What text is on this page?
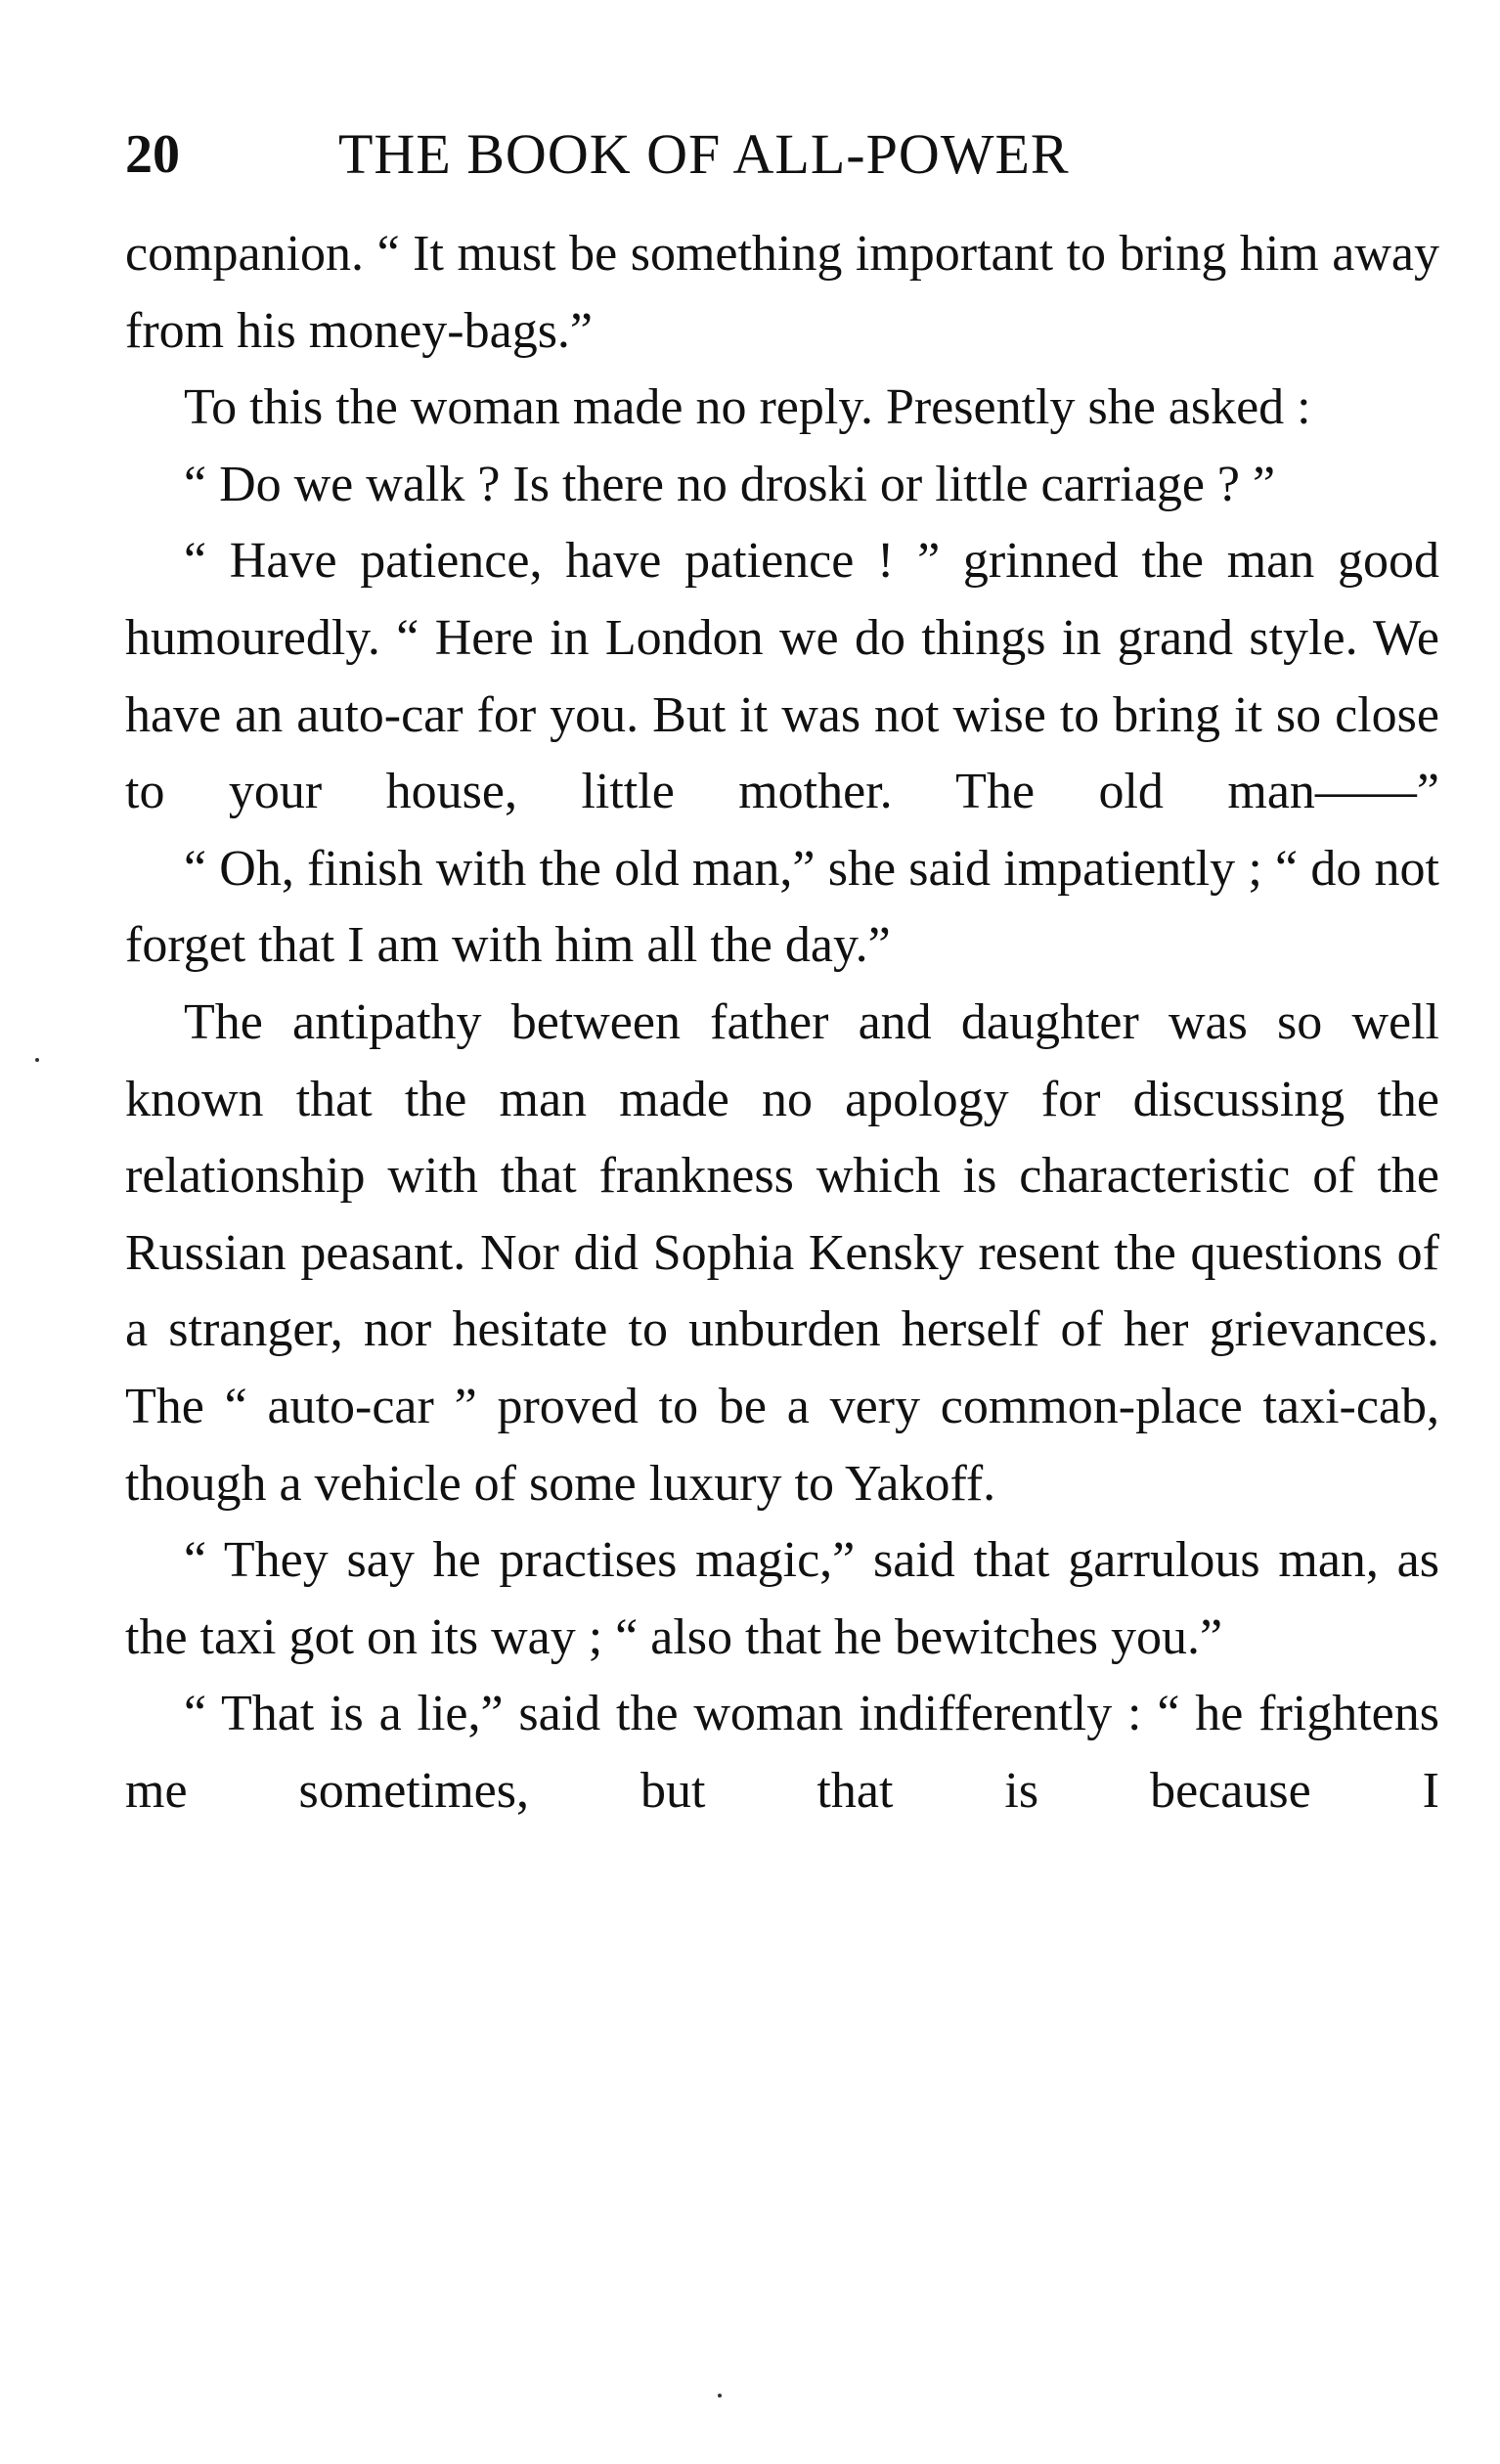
20	THE BOOK OF ALL-POWER

companion. “ It must be something important to bring him away from his money-bags.”

To this the woman made no reply. Presently she asked :

“ Do we walk ? Is there no droski or little carriage ? ”

“ Have patience, have patience ! ” grinned the man good humouredly. “ Here in London we do things in grand style. We have an auto-car for you. But it was not wise to bring it so close to your house, little mother. The old man——”

“ Oh, finish with the old man,” she said impatiently ; “ do not forget that I am with him all the day.”

The antipathy between father and daughter was so well known that the man made no apology for discussing the relationship with that frankness which is characteristic of the Russian peasant. Nor did Sophia Kensky resent the questions of a stranger, nor hesitate to unburden herself of her grievances. The “ auto-car ” proved to be a very common-place taxi-cab, though a vehicle of some luxury to Yakoff.

“ They say he practises magic,” said that garrulous man, as the taxi got on its way ; “ also that he bewitches you.”

“ That is a lie,” said the woman indifferently : “ he frightens me sometimes, but that is because I
